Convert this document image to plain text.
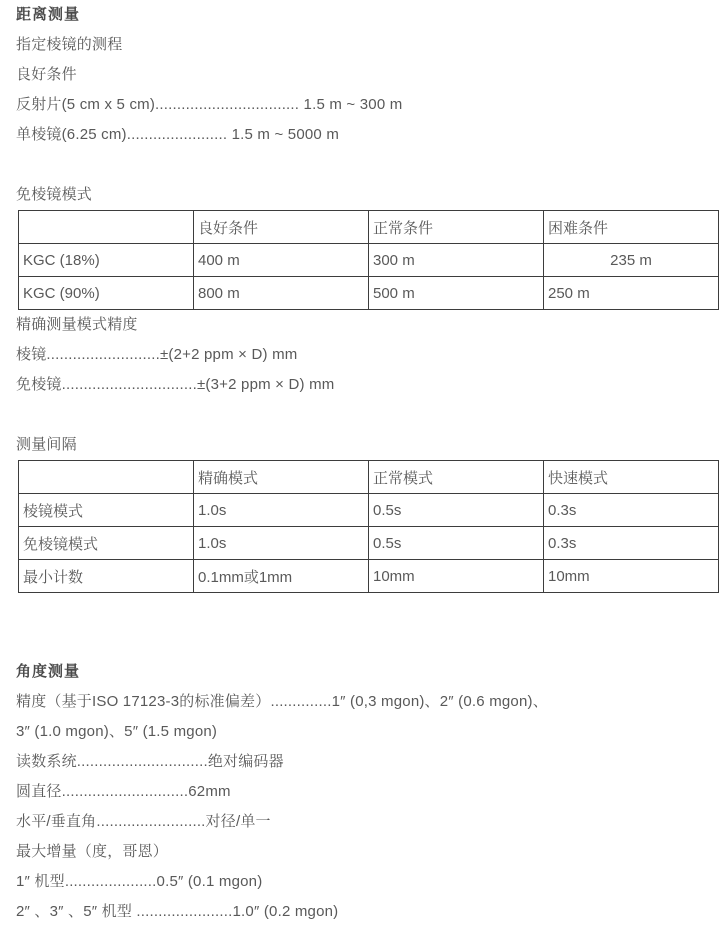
距离测量
指定棱镜的测程
良好条件
反射片(5 cm x 5 cm)................................. 1.5 m ~ 300 m
单棱镜(6.25 cm)....................... 1.5 m ~ 5000 m
免棱镜模式
	良好条件	正常条件	困难条件
KGC (18%)	400 m	300 m	235 m
KGC (90%)	800 m	500 m	250 m
精确测量模式精度
棱镜..........................±(2+2 ppm × D) mm
免棱镜...............................±(3+2 ppm × D) mm
测量间隔
	精确模式	正常模式	快速模式
棱镜模式	1.0s	0.5s	0.3s
免棱镜模式	1.0s	0.5s	0.3s
最小计数	0.1mm或1mm	10mm	10mm
角度测量
精度（基于ISO 17123-3的标准偏差）..............1″ (0,3 mgon)、2″ (0.6 mgon)、
3″ (1.0 mgon)、5″ (1.5 mgon)
读数系统..............................绝对编码器
圆直径.............................62mm
水平/垂直角.........................对径/单一
最大增量（度，哥恩）
1″ 机型.....................0.5″ (0.1 mgon)
2″ 、3″ 、5″ 机型 ......................1.0″ (0.2 mgon)
